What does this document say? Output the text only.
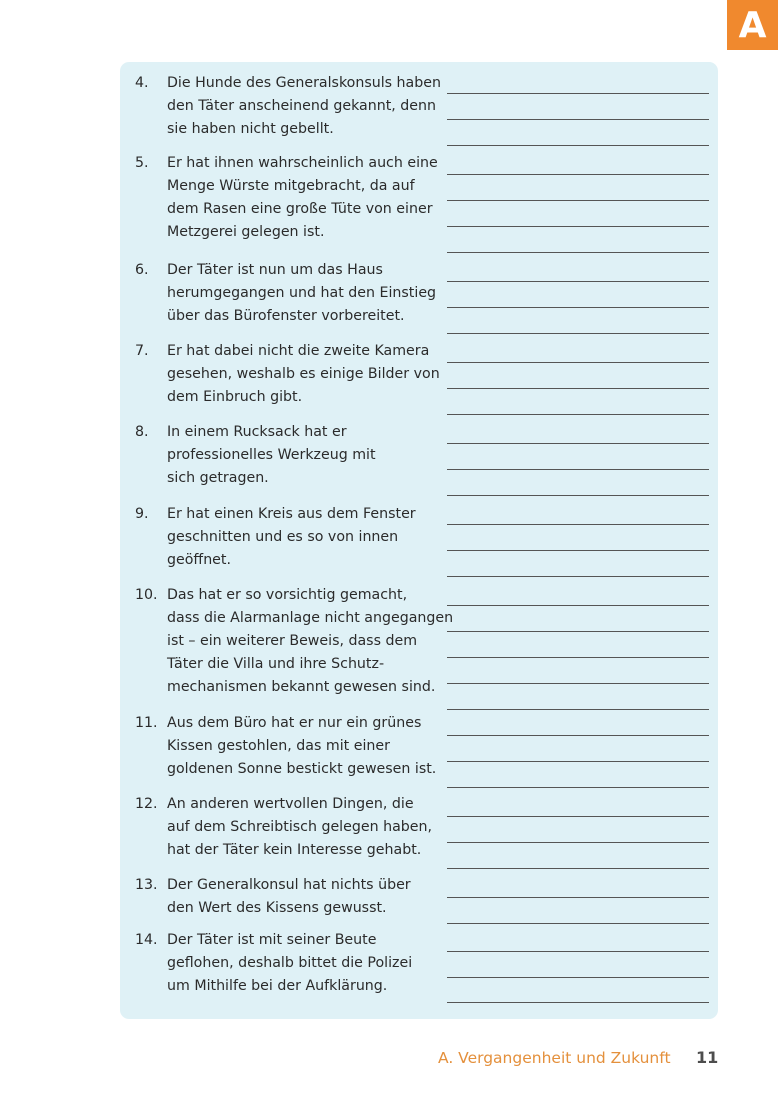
A
4. Die Hunde des Generalskonsuls haben
den Täter anscheinend gekannt, denn
sie haben nicht gebellt.
5. Er hat ihnen wahrscheinlich auch eine
Menge Würste mitgebracht, da auf
dem Rasen eine große Tüte von einer
Metzgerei gelegen ist.
6. Der Täter ist nun um das Haus
herumgegangen und hat den Einstieg
über das Bürofenster vorbereitet.
7. Er hat dabei nicht die zweite Kamera
gesehen, weshalb es einige Bilder von
dem Einbruch gibt.
8. In einem Rucksack hat er
professionelles Werkzeug mit
sich getragen.
9. Er hat einen Kreis aus dem Fenster
geschnitten und es so von innen
geöffnet.
10. Das hat er so vorsichtig gemacht,
dass die Alarmanlage nicht angegangen
ist – ein weiterer Beweis, dass dem
Täter die Villa und ihre Schutz-
mechanismen bekannt gewesen sind.
11. Aus dem Büro hat er nur ein grünes
Kissen gestohlen, das mit einer
goldenen Sonne bestickt gewesen ist.
12. An anderen wertvollen Dingen, die
auf dem Schreibtisch gelegen haben,
hat der Täter kein Interesse gehabt.
13. Der Generalkonsul hat nichts über
den Wert des Kissens gewusst.
14. Der Täter ist mit seiner Beute
geflohen, deshalb bittet die Polizei
um Mithilfe bei der Aufklärung.
A. Vergangenheit und Zukunft 11
